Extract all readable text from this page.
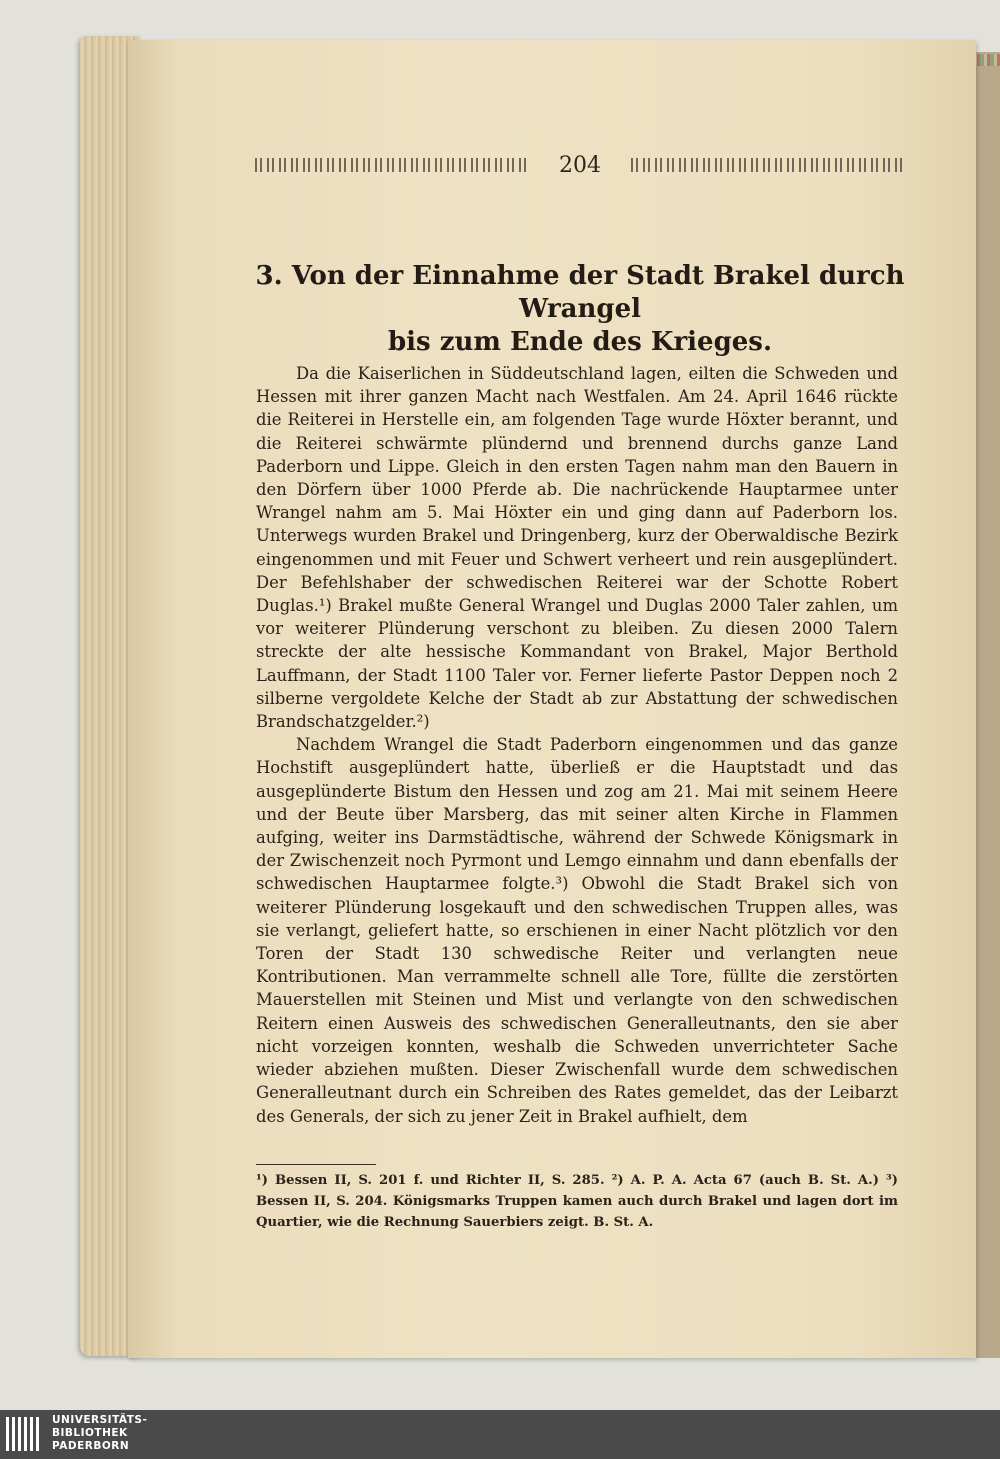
204
3. Von der Einnahme der Stadt Brakel durch Wrangel
bis zum Ende des Krieges.

Da die Kaiserlichen in Süddeutschland lagen, eilten die Schweden und Hessen mit ihrer ganzen Macht nach Westfalen. Am 24. April 1646 rückte die Reiterei in Herstelle ein, am folgenden Tage wurde Höxter berannt, und die Reiterei schwärmte plündernd und brennend durchs ganze Land Paderborn und Lippe. Gleich in den ersten Tagen nahm man den Bauern in den Dörfern über 1000 Pferde ab. Die nachrückende Hauptarmee unter Wrangel nahm am 5. Mai Höxter ein und ging dann auf Paderborn los. Unterwegs wurden Brakel und Dringenberg, kurz der Oberwaldische Bezirk eingenommen und mit Feuer und Schwert verheert und rein ausgeplündert. Der Befehlshaber der schwedischen Reiterei war der Schotte Robert Duglas.¹) Brakel mußte General Wrangel und Duglas 2000 Taler zahlen, um vor weiterer Plünderung verschont zu bleiben. Zu diesen 2000 Talern streckte der alte hessische Kommandant von Brakel, Major Berthold Lauffmann, der Stadt 1100 Taler vor. Ferner lieferte Pastor Deppen noch 2 silberne vergoldete Kelche der Stadt ab zur Abstattung der schwedischen Brandschatzgelder.²)

Nachdem Wrangel die Stadt Paderborn eingenommen und das ganze Hochstift ausgeplündert hatte, überließ er die Hauptstadt und das ausgeplünderte Bistum den Hessen und zog am 21. Mai mit seinem Heere und der Beute über Marsberg, das mit seiner alten Kirche in Flammen aufging, weiter ins Darmstädtische, während der Schwede Königsmark in der Zwischenzeit noch Pyrmont und Lemgo einnahm und dann ebenfalls der schwedischen Hauptarmee folgte.³) Obwohl die Stadt Brakel sich von weiterer Plünderung losgekauft und den schwedischen Truppen alles, was sie verlangt, geliefert hatte, so erschienen in einer Nacht plötzlich vor den Toren der Stadt 130 schwedische Reiter und verlangten neue Kontributionen. Man verrammelte schnell alle Tore, füllte die zerstörten Mauerstellen mit Steinen und Mist und verlangte von den schwedischen Reitern einen Ausweis des schwedischen Generalleutnants, den sie aber nicht vorzeigen konnten, weshalb die Schweden unverrichteter Sache wieder abziehen mußten. Dieser Zwischenfall wurde dem schwedischen Generalleutnant durch ein Schreiben des Rates gemeldet, das der Leibarzt des Generals, der sich zu jener Zeit in Brakel aufhielt, dem

¹) Bessen II, S. 201 f. und Richter II, S. 285. ²) A. P. A. Acta 67 (auch B. St. A.) ³) Bessen II, S. 204. Königsmarks Truppen kamen auch durch Brakel und lagen dort im Quartier, wie die Rechnung Sauerbiers zeigt. B. St. A.
UNIVERSITÄTS-
BIBLIOTHEK
PADERBORN
